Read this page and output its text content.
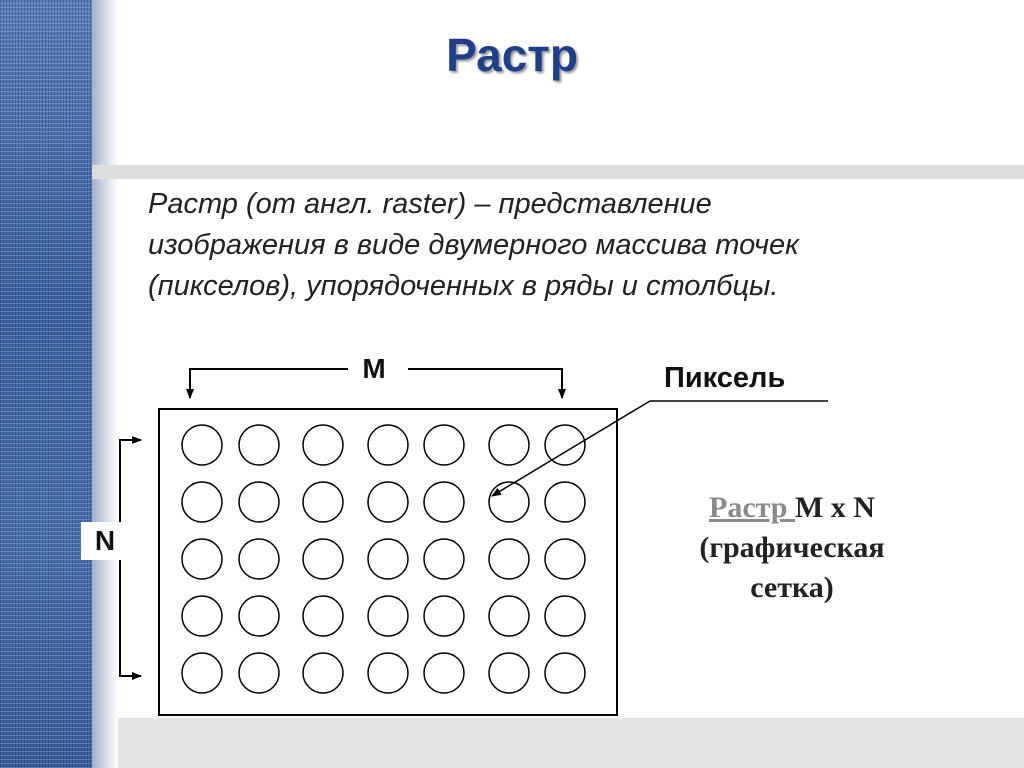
Растр
Растр (от англ. raster) – представление
изображения в виде двумерного массива точек
(пикселов), упорядоченных в ряды и столбцы.
M
N
Пиксель
Растр M x N
(графическая
сетка)
